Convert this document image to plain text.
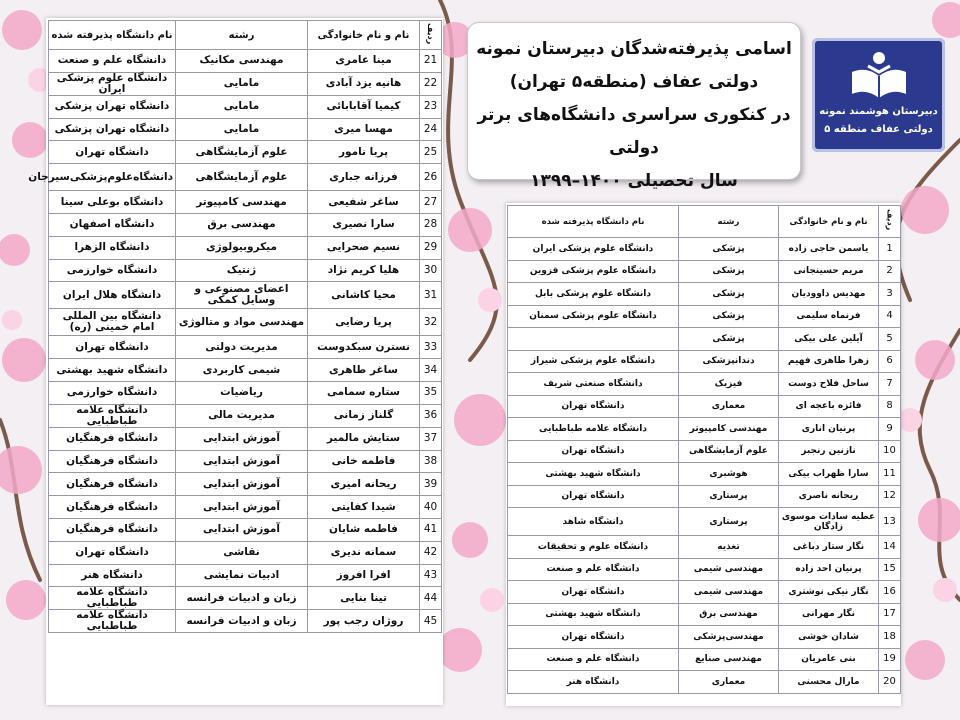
ردیف	نام و نام خانوادگی	رشته	نام دانشگاه پذیرفته شده
21	مینا عامری	مهندسی مکانیک	دانشگاه علم و صنعت
22	هانیه یزد آبادی	مامایی	دانشگاه علوم پزشکی ایران
23	کیمیا آقابابائی	مامایی	دانشگاه تهران پزشکی
24	مهسا میری	مامایی	دانشگاه تهران پزشکی
25	پریا نامور	علوم آزمایشگاهی	دانشگاه تهران
26	فرزانه جباری	علوم آزمایشگاهی	دانشگاه‌علوم‌پزشکی‌سیرجان
27	ساغر شفیعی	مهندسی کامپیوتر	دانشگاه بوعلی سینا
28	سارا نصیری	مهندسی برق	دانشگاه اصفهان
29	نسیم صحرایی	میکروبیولوژی	دانشگاه الزهرا
30	هلیا کریم نژاد	ژنتیک	دانشگاه خوارزمی
31	محیا کاشانی	اعضای مصنوعی و وسایل کمکی	دانشگاه هلال ایران
32	پریا رضایی	مهندسی مواد و متالوژی	دانشگاه بین المللی امام خمینی (ره)
33	نسترن سبکدوست	مدیریت دولتی	دانشگاه تهران
34	ساغر طاهری	شیمی کاربردی	دانشگاه شهید بهشتی
35	ستاره سمامی	ریاضیات	دانشگاه خوارزمی
36	گلناز زمانی	مدیریت مالی	دانشگاه علامه طباطبایی
37	ستایش مالمیر	آموزش ابتدایی	دانشگاه فرهنگیان
38	فاطمه خانی	آموزش ابتدایی	دانشگاه فرهنگیان
39	ریحانه امیری	آموزش ابتدایی	دانشگاه فرهنگیان
40	شیدا کفایتی	آموزش ابتدایی	دانشگاه فرهنگیان
41	فاطمه شایان	آموزش ابتدایی	دانشگاه فرهنگیان
42	سمانه ندیری	نقاشی	دانشگاه تهران
43	افرا افروز	ادبیات نمایشی	دانشگاه هنر
44	تینا بنایی	زبان و ادبیات فرانسه	دانشگاه علامه طباطبایی
45	روژان رجب پور	زبان و ادبیات فرانسه	دانشگاه علامه طباطبایی
اسامی پذیرفته‌شدگان دبیرستان نمونه
دولتی عفاف (منطقه۵ تهران)
در کنکوری سراسری دانشگاه‌های برتر دولتی
سال تحصیلی ۱۴۰۰–۱۳۹۹
دبیرستان هوشمند نمونه
دولتی عفاف منطقه ۵
ردیف	نام و نام خانوادگی	رشته	نام دانشگاه پذیرفته شده
1	یاسمن حاجی زاده	پزشکی	دانشگاه علوم پزشکی ایران
2	مریم حسینجانی	پزشکی	دانشگاه علوم پزشکی قزوین
3	مهدیس داوودیان	پزشکی	دانشگاه علوم پزشکی بابل
4	فرنماه سلیمی	پزشکی	دانشگاه علوم پزشکی سمنان
5	آیلین علی بیکی	پزشکی	
6	زهرا طاهری فهیم	دندانپزشکی	دانشگاه علوم پزشکی شیراز
7	ساحل فلاح دوست	فیزیک	دانشگاه صنعتی شریف
8	فائزه باعجه ای	معماری	دانشگاه تهران
9	پرنیان اناری	مهندسی کامپیوتر	دانشگاه علامه طباطبایی
10	نازنین رنجبر	علوم آزمایشگاهی	دانشگاه تهران
11	سارا ظهراب بیکی	هوشبری	دانشگاه شهید بهشتی
12	ریحانه ناصری	پرستاری	دانشگاه تهران
13	عطیه سادات موسوی زادگان	پرستاری	دانشگاه شاهد
14	نگار ستار دباغی	تغذیه	دانشگاه علوم و تحقیقات
15	پرنیان احد زاده	مهندسی شیمی	دانشگاه علم و صنعت
16	نگار نیکی نوشتری	مهندسی شیمی	دانشگاه تهران
17	نگار مهرانی	مهندسی برق	دانشگاه شهید بهشتی
18	شادان خوشی	مهندسی‌پزشکی	دانشگاه تهران
19	بنی عامریان	مهندسی صنایع	دانشگاه علم و صنعت
20	مارال محسنی	معماری	دانشگاه هنر
